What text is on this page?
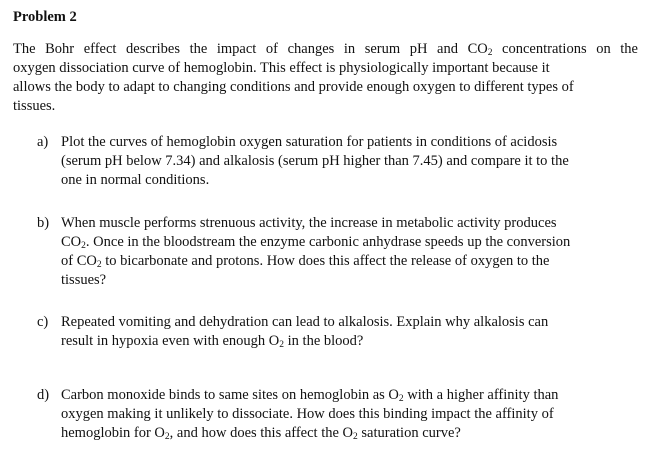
Problem 2
The Bohr effect describes the impact of changes in serum pH and $CO_2$ concentrations on the
oxygen dissociation curve of hemoglobin. This effect is physiologically important because it
allows the body to adapt to changing conditions and provide enough oxygen to different types of
tissues.
a) Plot the curves of hemoglobin oxygen saturation for patients in conditions of acidosis
(serum pH below 7.34) and alkalosis (serum pH higher than 7.45) and compare it to the
one in normal conditions.
b) When muscle performs strenuous activity, the increase in metabolic activity produces
$CO_2$. Once in the bloodstream the enzyme carbonic anhydrase speeds up the conversion
of $CO_2$ to bicarbonate and protons. How does this affect the release of oxygen to the
tissues?
c) Repeated vomiting and dehydration can lead to alkalosis. Explain why alkalosis can
result in hypoxia even with enough $O_2$ in the blood?
d) Carbon monoxide binds to same sites on hemoglobin as $O_2$ with a higher affinity than
oxygen making it unlikely to dissociate. How does this binding impact the affinity of
hemoglobin for $O_2$, and how does this affect the $O_2$ saturation curve?
